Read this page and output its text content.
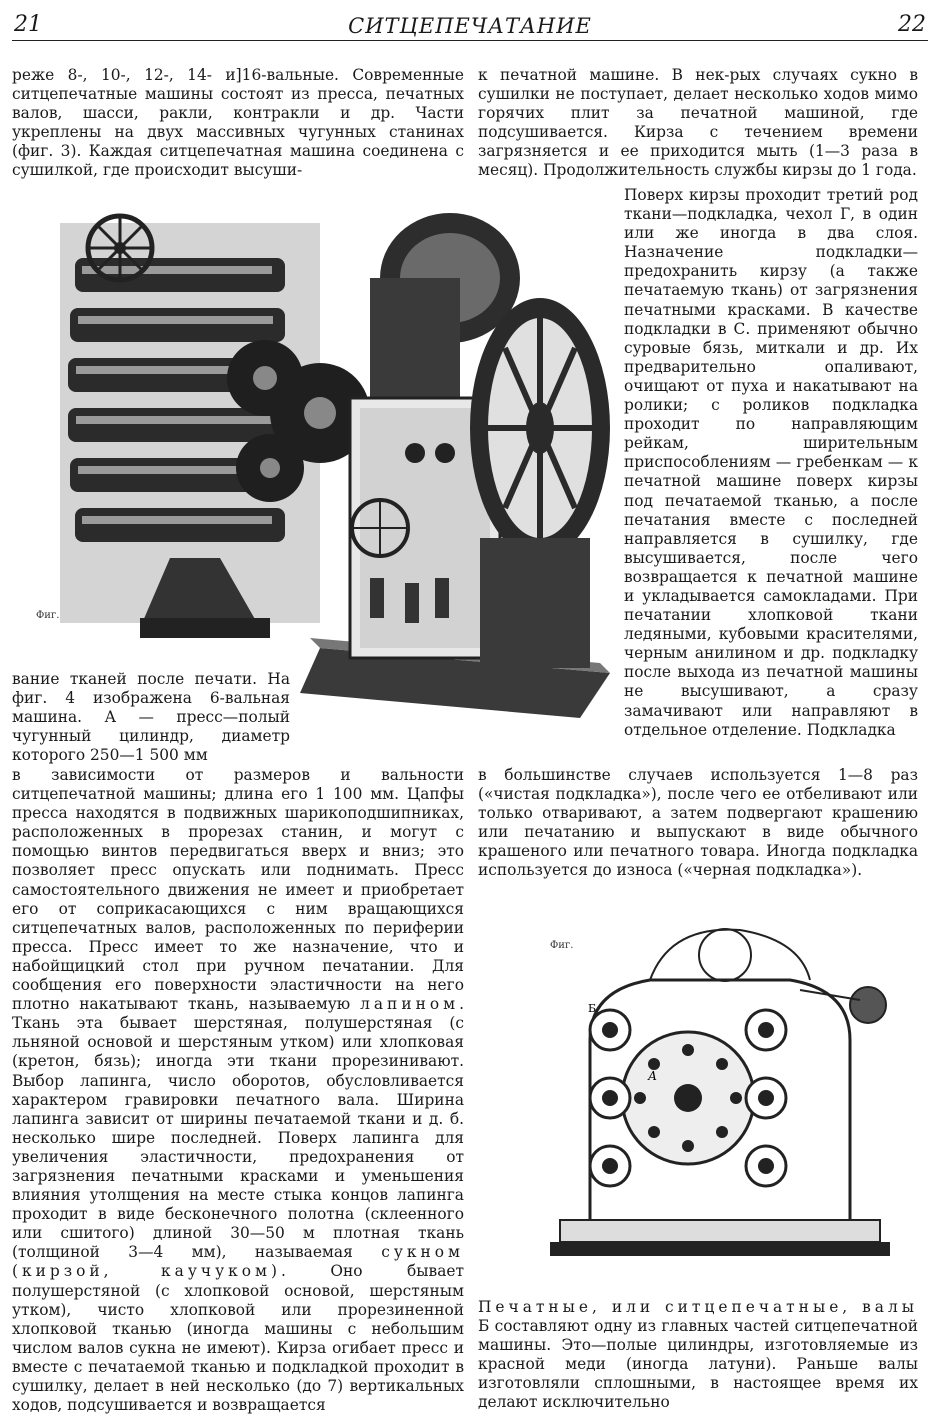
21	СИТЦЕПЕЧАТАНИЕ	22

реже 8-, 10-, 12-, 14- и]16-вальные. Современные ситцепечатные машины состоят из пресса, печатных валов, шасси, ракли, контракли и др. Части укреплены на двух массивных чугунных станинах (фиг. 3). Каждая ситцепечатная машина соединена с сушилкой, где происходит высуши-

к печатной машине. В нек-рых случаях сукно в сушилки не поступает, делает несколько ходов мимо горячих плит за печатной машиной, где подсушивается. Кирза с течением времени загрязняется и ее приходится мыть (1—3 раза в месяц). Продолжительность службы кирзы до 1 года.

Поверх кирзы проходит третий род ткани—подкладка, чехол Г, в один или же иногда в два слоя. Назначение подкладки—предохранить кирзу (а также печатаемую ткань) от загрязнения печатными красками. В качестве подкладки в С. применяют обычно суровые бязь, миткали и др. Их предварительно опаливают, очищают от пуха и накатывают на ролики; с роликов подкладка проходит по направляющим рейкам, ширительным приспособлениям — гребенкам — к печатной машине поверх кирзы под печатаемой тканью, а после печатания вместе с последней направляется в сушилку, где высушивается, после чего возвращается к печатной машине и укладывается самокладами. При печатании хлопковой ткани ледяными, кубовыми красителями, черным анилином и др. подкладку после выхода из печатной машины не высушивают, а сразу замачивают или направляют в отдельное отделение. Подкладка

Фиг.

вание тканей после печати. На фиг. 4 изображена 6-вальная машина. А — пресс—полый чугунный цилиндр, диаметр которого 250—1 500 мм

в зависимости от размеров и вальности ситцепечатной машины; длина его 1 100 мм. Цапфы пресса находятся в подвижных шарикоподшипниках, расположенных в прорезах станин, и могут с помощью винтов передвигаться вверх и вниз; это позволяет пресс опускать или поднимать. Пресс самостоятельного движения не имеет и приобретает его от соприкасающихся с ним вращающихся ситцепечатных валов, расположенных по периферии пресса. Пресс имеет то же назначение, что и набойщицкий стол при ручном печатании. Для сообщения его поверхности эластичности на него плотно накатывают ткань, называемую лапином. Ткань эта бывает шерстяная, полушерстяная (с льняной основой и шерстяным утком) или хлопковая (кретон, бязь); иногда эти ткани прорезинивают. Выбор лапинга, число оборотов, обусловливается характером гравировки печатного вала. Ширина лапинга зависит от ширины печатаемой ткани и д. б. несколько шире последней. Поверх лапинга для увеличения эластичности, предохранения от загрязнения печатными красками и уменьшения влияния утолщения на месте стыка концов лапинга проходит в виде бесконечного полотна (склеенного или сшитого) длиной 30—50 м плотная ткань (толщиной 3—4 мм), называемая сукном (кирзой, каучуком). Оно бывает полушерстяной (с хлопковой основой, шерстяным утком), чисто хлопковой или прорезиненной хлопковой тканью (иногда машины с небольшим числом валов сукна не имеют). Кирза огибает пресс и вместе с печатаемой тканью и подкладкой проходит в сушилку, делает в ней несколько (до 7) вертикальных ходов, подсушивается и возвращается

в большинстве случаев используется 1—8 раз («чистая подкладка»), после чего ее отбеливают или только отваривают, а затем подвергают крашению или печатанию и выпускают в виде обычного крашеного или печатного товара. Иногда подкладка используется до износа («черная подкладка»).

А
Б
Фиг.

Печатные, или ситцепечатные, валы Б составляют одну из главных частей ситцепечатной машины. Это—полые цилиндры, изготовляемые из красной меди (иногда латуни). Раньше валы изготовляли сплошными, в настоящее время их делают исключительно
